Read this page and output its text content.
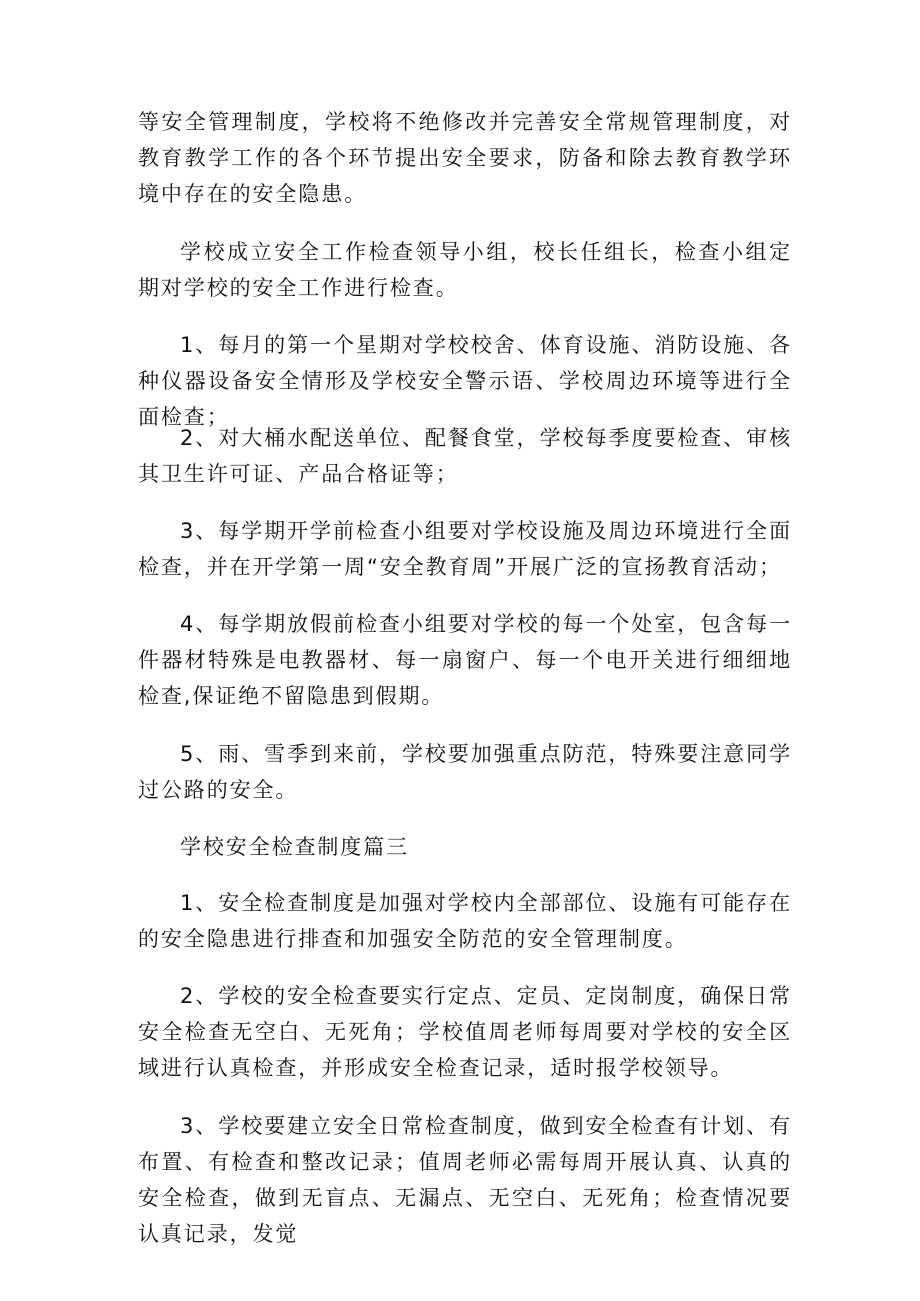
等安全管理制度，学校将不绝修改并完善安全常规管理制度，对教育教学工作的各个环节提出安全要求，防备和除去教育教学环境中存在的安全隐患。

学校成立安全工作检查领导小组，校长任组长，检查小组定期对学校的安全工作进行检查。

1、每月的第一个星期对学校校舍、体育设施、消防设施、各种仪器设备安全情形及学校安全警示语、学校周边环境等进行全面检查；

2、对大桶水配送单位、配餐食堂，学校每季度要检查、审核其卫生许可证、产品合格证等；

3、每学期开学前检查小组要对学校设施及周边环境进行全面检查，并在开学第一周“安全教育周”开展广泛的宣扬教育活动；

4、每学期放假前检查小组要对学校的每一个处室，包含每一件器材特殊是电教器材、每一扇窗户、每一个电开关进行细细地检查,保证绝不留隐患到假期。

5、雨、雪季到来前，学校要加强重点防范，特殊要注意同学过公路的安全。

学校安全检查制度篇三

1、安全检查制度是加强对学校内全部部位、设施有可能存在的安全隐患进行排查和加强安全防范的安全管理制度。

2、学校的安全检查要实行定点、定员、定岗制度，确保日常安全检查无空白、无死角；学校值周老师每周要对学校的安全区域进行认真检查，并形成安全检查记录，适时报学校领导。

3、学校要建立安全日常检查制度，做到安全检查有计划、有布置、有检查和整改记录；值周老师必需每周开展认真、认真的安全检查，做到无盲点、无漏点、无空白、无死角；检查情况要认真记录，发觉
